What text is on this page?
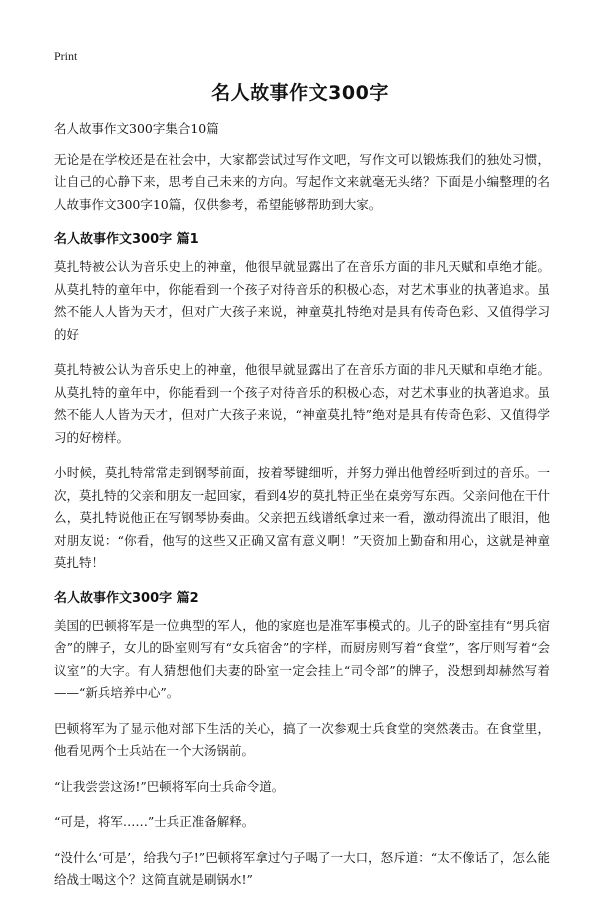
Print
名人故事作文300字

名人故事作文300字集合10篇

无论是在学校还是在社会中，大家都尝试过写作文吧，写作文可以锻炼我们的独处习惯，让自己的心静下来，思考自己未来的方向。写起作文来就毫无头绪？下面是小编整理的名人故事作文300字10篇，仅供参考，希望能够帮助到大家。

名人故事作文300字 篇1

莫扎特被公认为音乐史上的神童，他很早就显露出了在音乐方面的非凡天赋和卓绝才能。从莫扎特的童年中，你能看到一个孩子对待音乐的积极心态，对艺术事业的执著追求。虽然不能人人皆为天才，但对广大孩子来说，神童莫扎特绝对是具有传奇色彩、又值得学习的好

莫扎特被公认为音乐史上的神童，他很早就显露出了在音乐方面的非凡天赋和卓绝才能。从莫扎特的童年中，你能看到一个孩子对待音乐的积极心态，对艺术事业的执著追求。虽然不能人人皆为天才，但对广大孩子来说，“神童莫扎特”绝对是具有传奇色彩、又值得学习的好榜样。

小时候，莫扎特常常走到钢琴前面，按着琴键细听，并努力弹出他曾经听到过的音乐。一次，莫扎特的父亲和朋友一起回家，看到4岁的莫扎特正坐在桌旁写东西。父亲问他在干什么，莫扎特说他正在写钢琴协奏曲。父亲把五线谱纸拿过来一看，激动得流出了眼泪，他对朋友说：“你看，他写的这些又正确又富有意义啊！”天资加上勤奋和用心，这就是神童莫扎特！

名人故事作文300字 篇2

美国的巴顿将军是一位典型的军人，他的家庭也是准军事模式的。儿子的卧室挂有“男兵宿舍”的牌子，女儿的卧室则写有“女兵宿舍”的字样，而厨房则写着“食堂”，客厅则写着“会议室”的大字。有人猜想他们夫妻的卧室一定会挂上“司令部”的牌子，没想到却赫然写着——“新兵培养中心”。

巴顿将军为了显示他对部下生活的关心，搞了一次参观士兵食堂的突然袭击。在食堂里，他看见两个士兵站在一个大汤锅前。

“让我尝尝这汤!”巴顿将军向士兵命令道。

“可是，将军……”士兵正准备解释。

“没什么‘可是’，给我勺子!”巴顿将军拿过勺子喝了一大口，怒斥道：“太不像话了，怎么能给战士喝这个？这简直就是刷锅水!”
